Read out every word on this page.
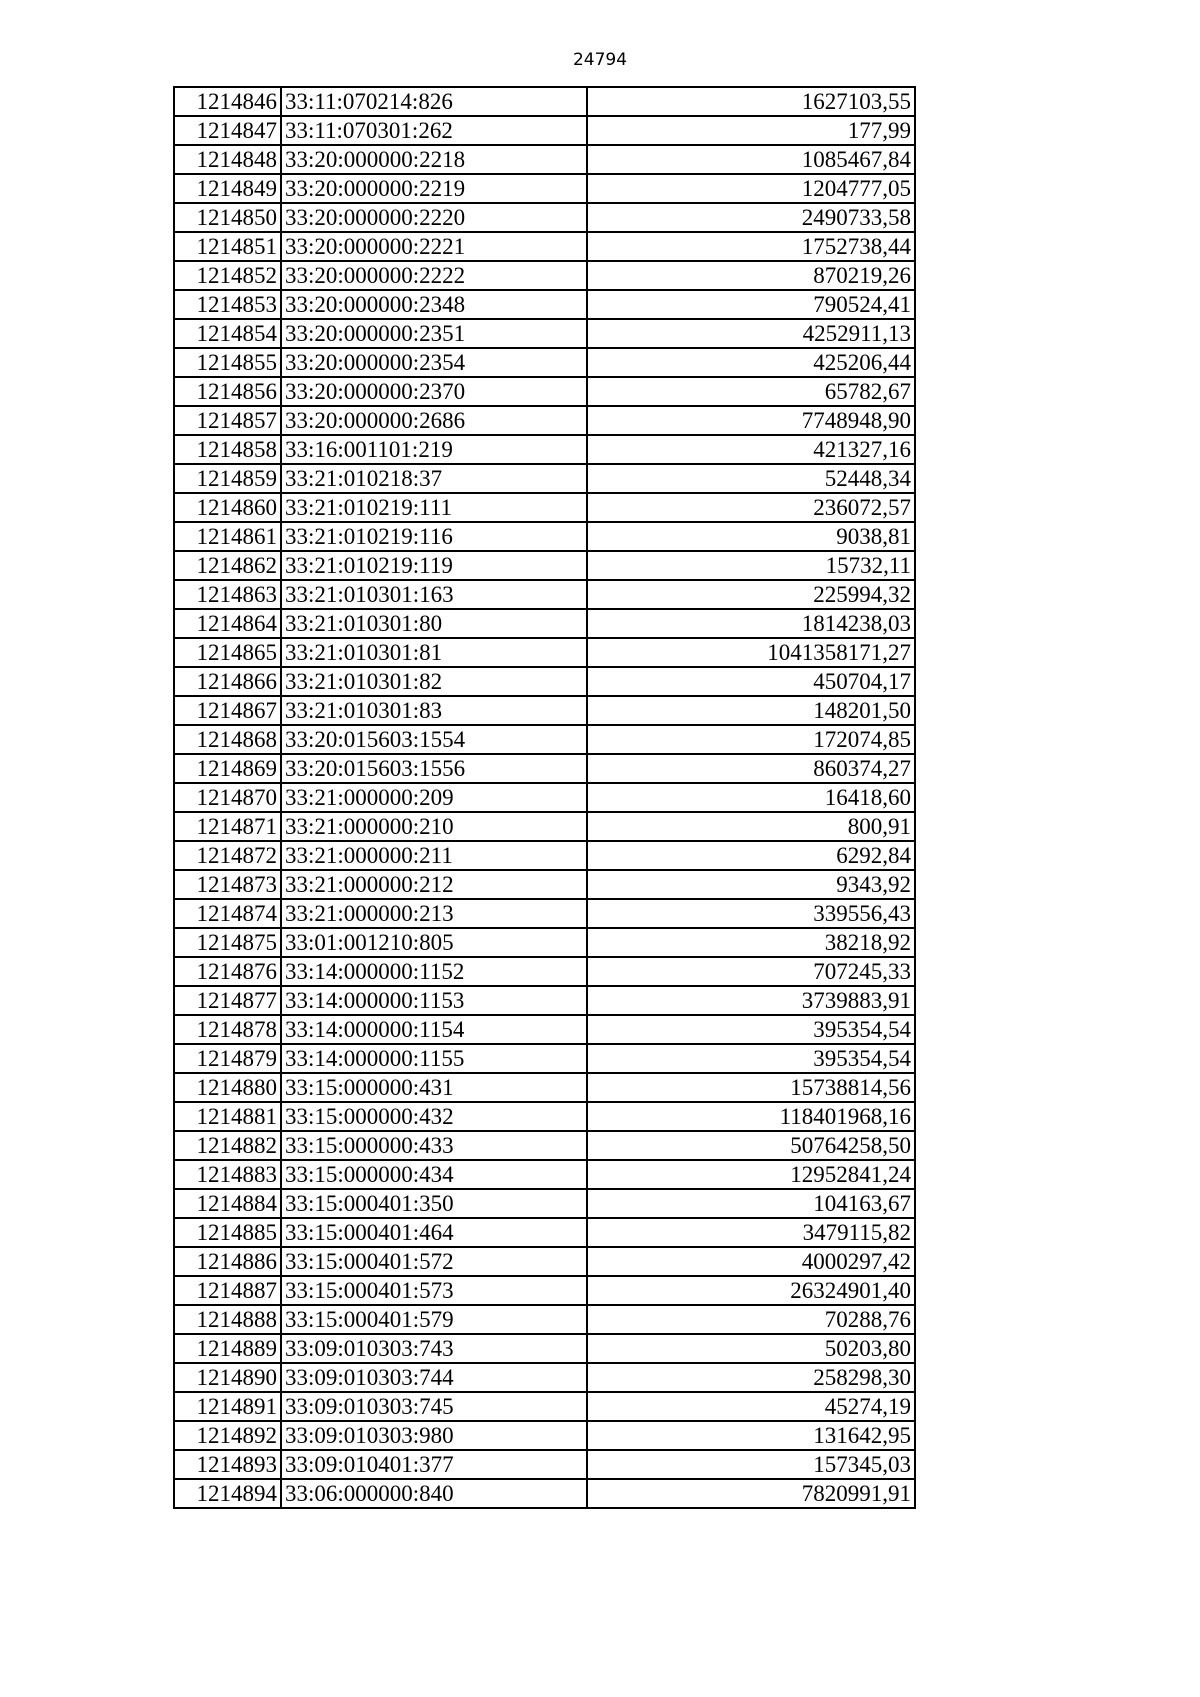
24794
1214846	33:11:070214:826	1627103,55
1214847	33:11:070301:262	177,99
1214848	33:20:000000:2218	1085467,84
1214849	33:20:000000:2219	1204777,05
1214850	33:20:000000:2220	2490733,58
1214851	33:20:000000:2221	1752738,44
1214852	33:20:000000:2222	870219,26
1214853	33:20:000000:2348	790524,41
1214854	33:20:000000:2351	4252911,13
1214855	33:20:000000:2354	425206,44
1214856	33:20:000000:2370	65782,67
1214857	33:20:000000:2686	7748948,90
1214858	33:16:001101:219	421327,16
1214859	33:21:010218:37	52448,34
1214860	33:21:010219:111	236072,57
1214861	33:21:010219:116	9038,81
1214862	33:21:010219:119	15732,11
1214863	33:21:010301:163	225994,32
1214864	33:21:010301:80	1814238,03
1214865	33:21:010301:81	1041358171,27
1214866	33:21:010301:82	450704,17
1214867	33:21:010301:83	148201,50
1214868	33:20:015603:1554	172074,85
1214869	33:20:015603:1556	860374,27
1214870	33:21:000000:209	16418,60
1214871	33:21:000000:210	800,91
1214872	33:21:000000:211	6292,84
1214873	33:21:000000:212	9343,92
1214874	33:21:000000:213	339556,43
1214875	33:01:001210:805	38218,92
1214876	33:14:000000:1152	707245,33
1214877	33:14:000000:1153	3739883,91
1214878	33:14:000000:1154	395354,54
1214879	33:14:000000:1155	395354,54
1214880	33:15:000000:431	15738814,56
1214881	33:15:000000:432	118401968,16
1214882	33:15:000000:433	50764258,50
1214883	33:15:000000:434	12952841,24
1214884	33:15:000401:350	104163,67
1214885	33:15:000401:464	3479115,82
1214886	33:15:000401:572	4000297,42
1214887	33:15:000401:573	26324901,40
1214888	33:15:000401:579	70288,76
1214889	33:09:010303:743	50203,80
1214890	33:09:010303:744	258298,30
1214891	33:09:010303:745	45274,19
1214892	33:09:010303:980	131642,95
1214893	33:09:010401:377	157345,03
1214894	33:06:000000:840	7820991,91
